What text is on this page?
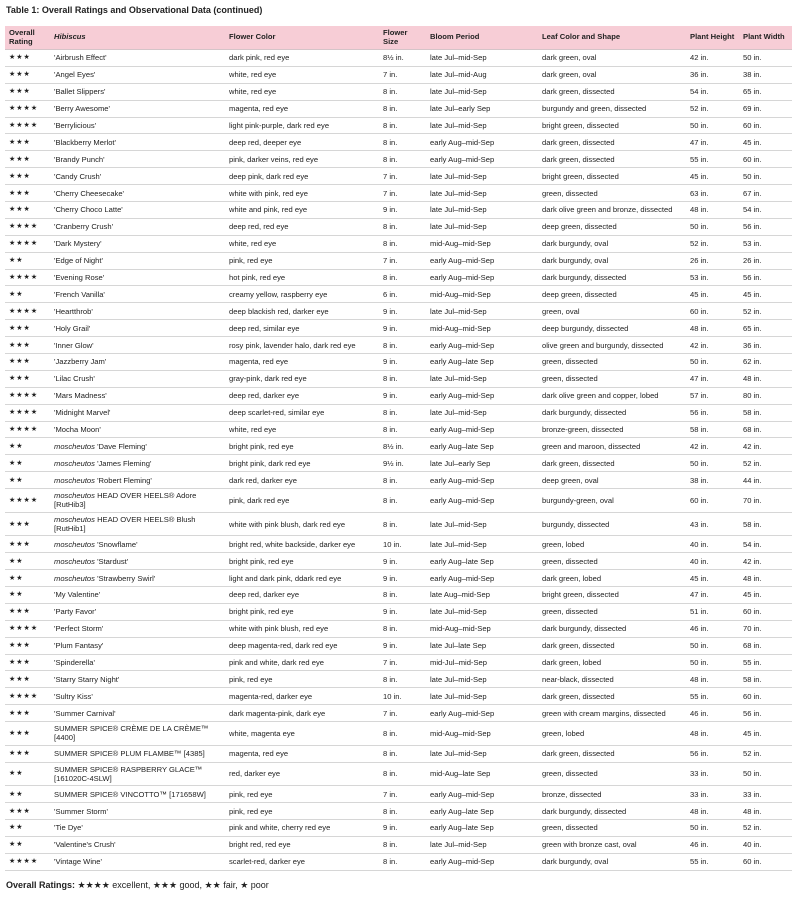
Table 1: Overall Ratings and Observational Data (continued)
Overall Rating	Hibiscus	Flower Color	Flower Size	Bloom Period	Leaf Color and Shape	Plant Height	Plant Width
★★★	'Airbrush Effect'	dark pink, red eye	8½ in.	late Jul–mid-Sep	dark green, oval	42 in.	50 in.
★★★	'Angel Eyes'	white, red eye	7 in.	late Jul–mid-Aug	dark green, oval	36 in.	38 in.
★★★	'Ballet Slippers'	white, red eye	8 in.	late Jul–mid-Sep	dark green, dissected	54 in.	65 in.
★★★★	'Berry Awesome'	magenta, red eye	8 in.	late Jul–early Sep	burgundy and green, dissected	52 in.	69 in.
★★★★	'Berrylicious'	light pink-purple, dark red eye	8 in.	late Jul–mid-Sep	bright green, dissected	50 in.	60 in.
★★★	'Blackberry Merlot'	deep red, deeper eye	8 in.	early Aug–mid-Sep	dark green, dissected	47 in.	45 in.
★★★	'Brandy Punch'	pink, darker veins, red eye	8 in.	early Aug–mid-Sep	dark green, dissected	55 in.	60 in.
★★★	'Candy Crush'	deep pink, dark red eye	7 in.	late Jul–mid-Sep	bright green, dissected	45 in.	50 in.
★★★	'Cherry Cheesecake'	white with pink, red eye	7 in.	late Jul–mid-Sep	green, dissected	63 in.	67 in.
★★★	'Cherry Choco Latte'	white and pink, red eye	9 in.	late Jul–mid-Sep	dark olive green and bronze, dissected	48 in.	54 in.
★★★★	'Cranberry Crush'	deep red, red eye	8 in.	late Jul–mid-Sep	deep green, dissected	50 in.	56 in.
★★★★	'Dark Mystery'	white, red eye	8 in.	mid-Aug–mid-Sep	dark burgundy, oval	52 in.	53 in.
★★	'Edge of Night'	pink, red eye	7 in.	early Aug–mid-Sep	dark burgundy, oval	26 in.	26 in.
★★★★	'Evening Rose'	hot pink, red eye	8 in.	early Aug–mid-Sep	dark burgundy, dissected	53 in.	56 in.
★★	'French Vanilla'	creamy yellow, raspberry eye	6 in.	mid-Aug–mid-Sep	deep green, dissected	45 in.	45 in.
★★★★	'Heartthrob'	deep blackish red, darker eye	9 in.	late Jul–mid-Sep	green, oval	60 in.	52 in.
★★★	'Holy Grail'	deep red, similar eye	9 in.	mid-Aug–mid-Sep	deep burgundy, dissected	48 in.	65 in.
★★★	'Inner Glow'	rosy pink, lavender halo, dark red eye	8 in.	early Aug–mid-Sep	olive green and burgundy, dissected	42 in.	36 in.
★★★	'Jazzberry Jam'	magenta, red eye	9 in.	early Aug–late Sep	green, dissected	50 in.	62 in.
★★★	'Lilac Crush'	gray-pink, dark red eye	8 in.	late Jul–mid-Sep	green, dissected	47 in.	48 in.
★★★★	'Mars Madness'	deep red, darker eye	9 in.	early Aug–mid-Sep	dark olive green and copper, lobed	57 in.	80 in.
★★★★	'Midnight Marvel'	deep scarlet-red, similar eye	8 in.	late Jul–mid-Sep	dark burgundy, dissected	56 in.	58 in.
★★★★	'Mocha Moon'	white, red eye	8 in.	early Aug–mid-Sep	bronze-green, dissected	58 in.	68 in.
★★	moscheutos 'Dave Fleming'	bright pink, red eye	8½ in.	early Aug–late Sep	green and maroon, dissected	42 in.	42 in.
★★	moscheutos 'James Fleming'	bright pink, dark red eye	9½ in.	late Jul–early Sep	dark green, dissected	50 in.	52 in.
★★	moscheutos 'Robert Fleming'	dark red, darker eye	8 in.	early Aug–mid-Sep	deep green, oval	38 in.	44 in.
★★★★	moscheutos HEAD OVER HEELS® Adore [RutHib3]	pink, dark red eye	8 in.	early Aug–mid-Sep	burgundy-green, oval	60 in.	70 in.
★★★	moscheutos HEAD OVER HEELS® Blush [RutHib1]	white with pink blush, dark red eye	8 in.	late Jul–mid-Sep	burgundy, dissected	43 in.	58 in.
★★★	moscheutos 'Snowflame'	bright red, white backside, darker eye	10 in.	late Jul–mid-Sep	green, lobed	40 in.	54 in.
★★	moscheutos 'Stardust'	bright pink, red eye	9 in.	early Aug–late Sep	green, dissected	40 in.	42 in.
★★	moscheutos 'Strawberry Swirl'	light and dark pink, ddark red eye	9 in.	early Aug–mid-Sep	dark green, lobed	45 in.	48 in.
★★	'My Valentine'	deep red, darker eye	8 in.	late Aug–mid-Sep	bright green, dissected	47 in.	45 in.
★★★	'Party Favor'	bright pink, red eye	9 in.	late Jul–mid-Sep	green, dissected	51 in.	60 in.
★★★★	'Perfect Storm'	white with pink blush, red eye	8 in.	mid-Aug–mid-Sep	dark burgundy, dissected	46 in.	70 in.
★★★	'Plum Fantasy'	deep magenta-red, dark red eye	9 in.	late Jul–late Sep	dark green, dissected	50 in.	68 in.
★★★	'Spinderella'	pink and white, dark red eye	7 in.	mid-Jul–mid-Sep	dark green, lobed	50 in.	55 in.
★★★	'Starry Starry Night'	pink, red eye	8 in.	late Jul–mid-Sep	near-black, dissected	48 in.	58 in.
★★★★	'Sultry Kiss'	magenta-red, darker eye	10 in.	late Jul–mid-Sep	dark green, dissected	55 in.	60 in.
★★★	'Summer Carnival'	dark magenta-pink, dark eye	7 in.	early Aug–mid-Sep	green with cream margins, dissected	46 in.	56 in.
★★★	SUMMER SPICE® CRÈME DE LA CRÈME™ [4400]	white, magenta eye	8 in.	mid-Aug–mid-Sep	green, lobed	48 in.	45 in.
★★★	SUMMER SPICE® PLUM FLAMBE™ [4385]	magenta, red eye	8 in.	late Jul–mid-Sep	dark green, dissected	56 in.	52 in.
★★	SUMMER SPICE® RASPBERRY GLACE™ [161020C-4SLW]	red, darker eye	8 in.	mid-Aug–late Sep	green, dissected	33 in.	50 in.
★★	SUMMER SPICE® VINCOTTO™ [171658W]	pink, red eye	7 in.	early Aug–mid-Sep	bronze, dissected	33 in.	33 in.
★★★	'Summer Storm'	pink, red eye	8 in.	early Aug–late Sep	dark burgundy, dissected	48 in.	48 in.
★★	'Tie Dye'	pink and white, cherry red eye	9 in.	early Aug–late Sep	green, dissected	50 in.	52 in.
★★	'Valentine's Crush'	bright red, red eye	8 in.	late Jul–mid-Sep	green with bronze cast, oval	46 in.	40 in.
★★★★	'Vintage Wine'	scarlet-red, darker eye	8 in.	early Aug–mid-Sep	dark burgundy, oval	55 in.	60 in.
Overall Ratings: ★★★★ excellent, ★★★ good, ★★ fair, ★ poor
